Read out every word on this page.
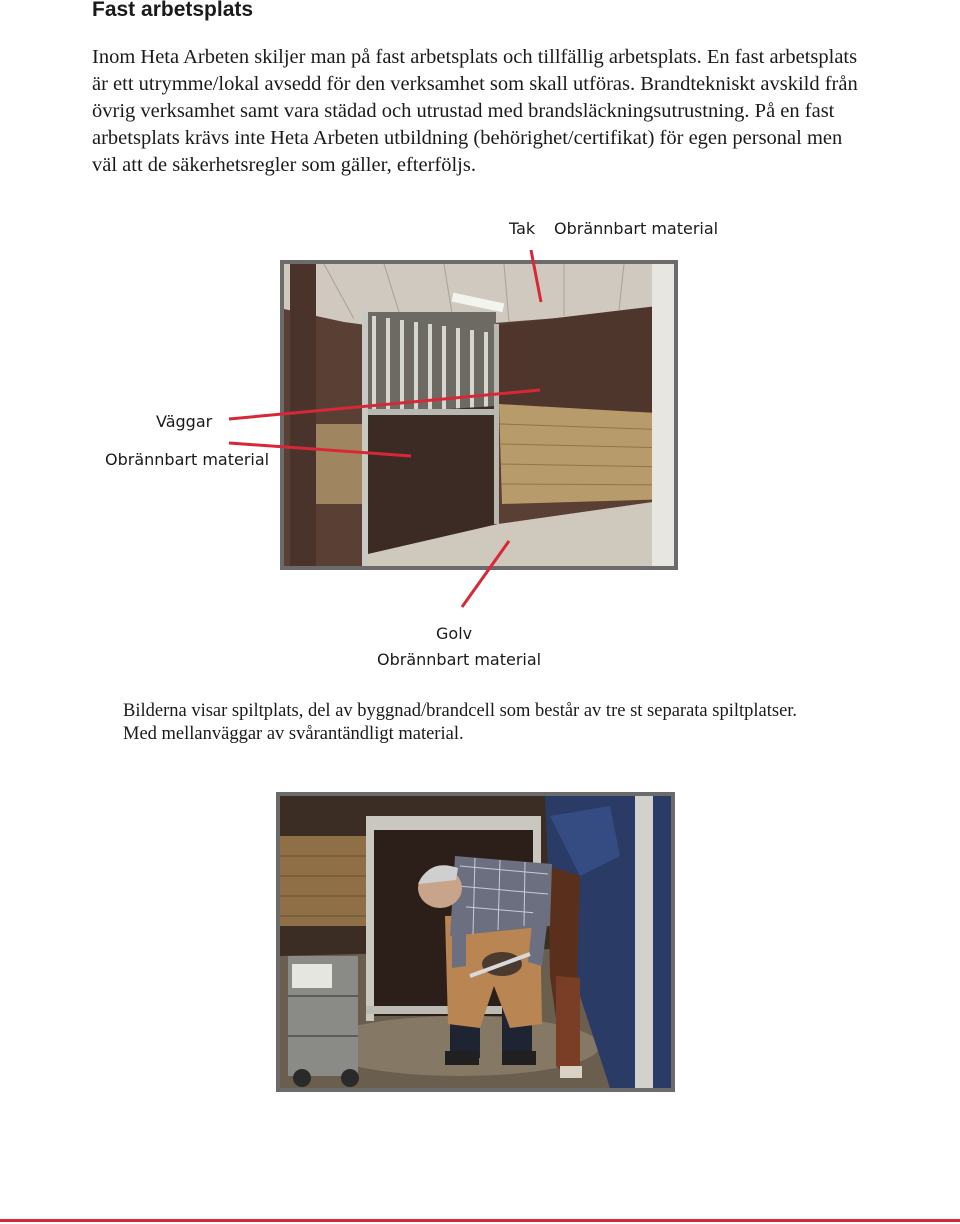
Fast arbetsplats

Inom Heta Arbeten skiljer man på fast arbetsplats och tillfällig arbetsplats. En fast arbetsplats är ett utrymme/lokal avsedd för den verksamhet som skall utföras. Brandtekniskt avskild från övrig verksamhet samt vara städad och utrustad med brandsläckningsutrustning. På en fast arbetsplats krävs inte Heta Arbeten utbildning (behörighet/certifikat) för egen personal men väl att de säkerhetsregler som gäller, efterföljs.

Tak Obrännbart material
Väggar
Obrännbart material
Golv
Obrännbart material

Bilderna visar spiltplats, del av byggnad/brandcell som består av tre st separata spiltplatser.
Med mellanväggar av svårantändligt material.
